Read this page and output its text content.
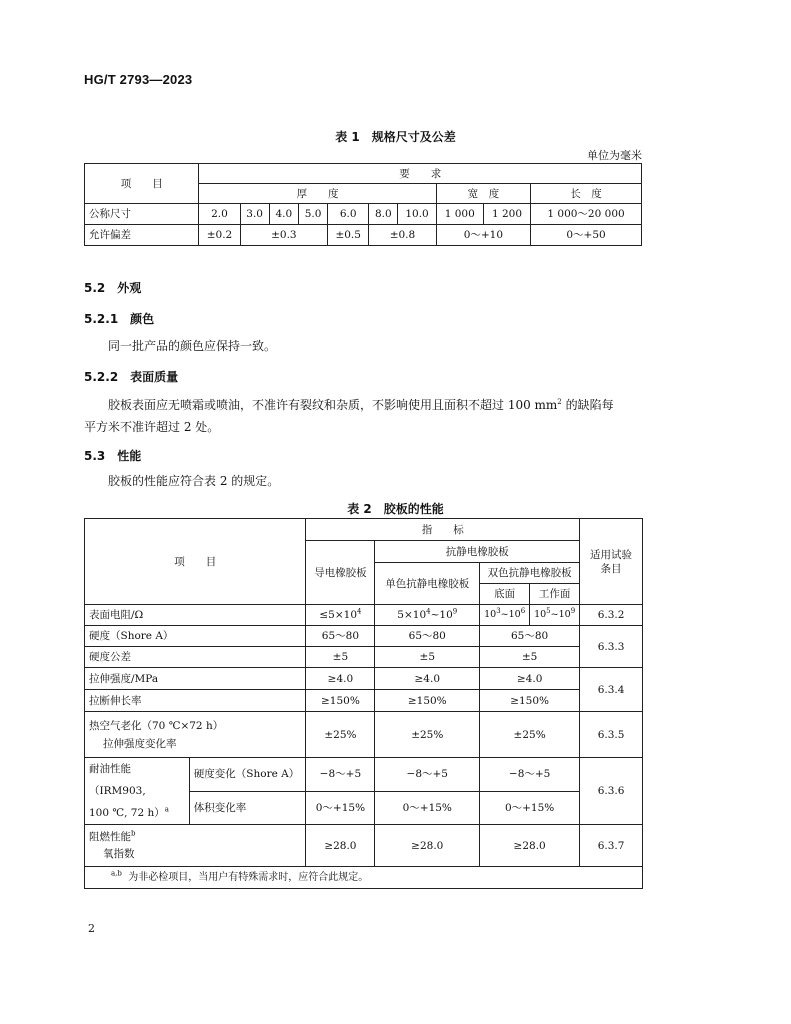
HG/T 2793—2023
表 1　规格尺寸及公差
单位为毫米
项　　目	要　　求									
	厚　　度							宽　度		长　度
公称尺寸	2.0	3.0	4.0	5.0	6.0	8.0	10.0	1 000	1 200	1 000～20 000
允许偏差	±0.2	±0.3			±0.5	±0.8		0～+10		0～+50
5.2　外观
5.2.1　颜色
同一批产品的颜色应保持一致。
5.2.2　表面质量
胶板表面应无喷霜或喷油，不准许有裂纹和杂质，不影响使用且面积不超过 100 $mm^2$ 的缺陷每
平方米不准许超过 2 处。
5.3　性能
胶板的性能应符合表 2 的规定。
表 2　胶板的性能
项　　目		指　　标				适用试验
条目
		导电橡胶板	抗静电橡胶板			
			单色抗静电橡胶板	双色抗静电橡胶板		
				底面	工作面	
表面电阻/Ω		$\le 5\times 10^4$	$5\times 10^4\sim 10^9$	$10^3\sim 10^6$	$10^5\sim 10^9$	6.3.2
硬度（Shore A）		65～80	65～80	65～80		6.3.3
硬度公差		±5	±5	±5		
拉伸强度/MPa		≥4.0	≥4.0	≥4.0		6.3.4
拉断伸长率		≥150%	≥150%	≥150%		
热空气老化（70 ℃×72 h）
拉伸强度变化率		±25%	±25%	±25%		6.3.5
耐油性能（IRM903,
100 ℃, 72 h）$^a$	硬度变化（Shore A）	−8～+5	−8～+5	−8～+5		6.3.6
	体积变化率	0～+15%	0～+15%	0～+15%		
阻燃性能$^b$
氧指数		≥28.0	≥28.0	≥28.0		6.3.7
$^{a,b}$ 为非必检项目，当用户有特殊需求时，应符合此规定。						
2
